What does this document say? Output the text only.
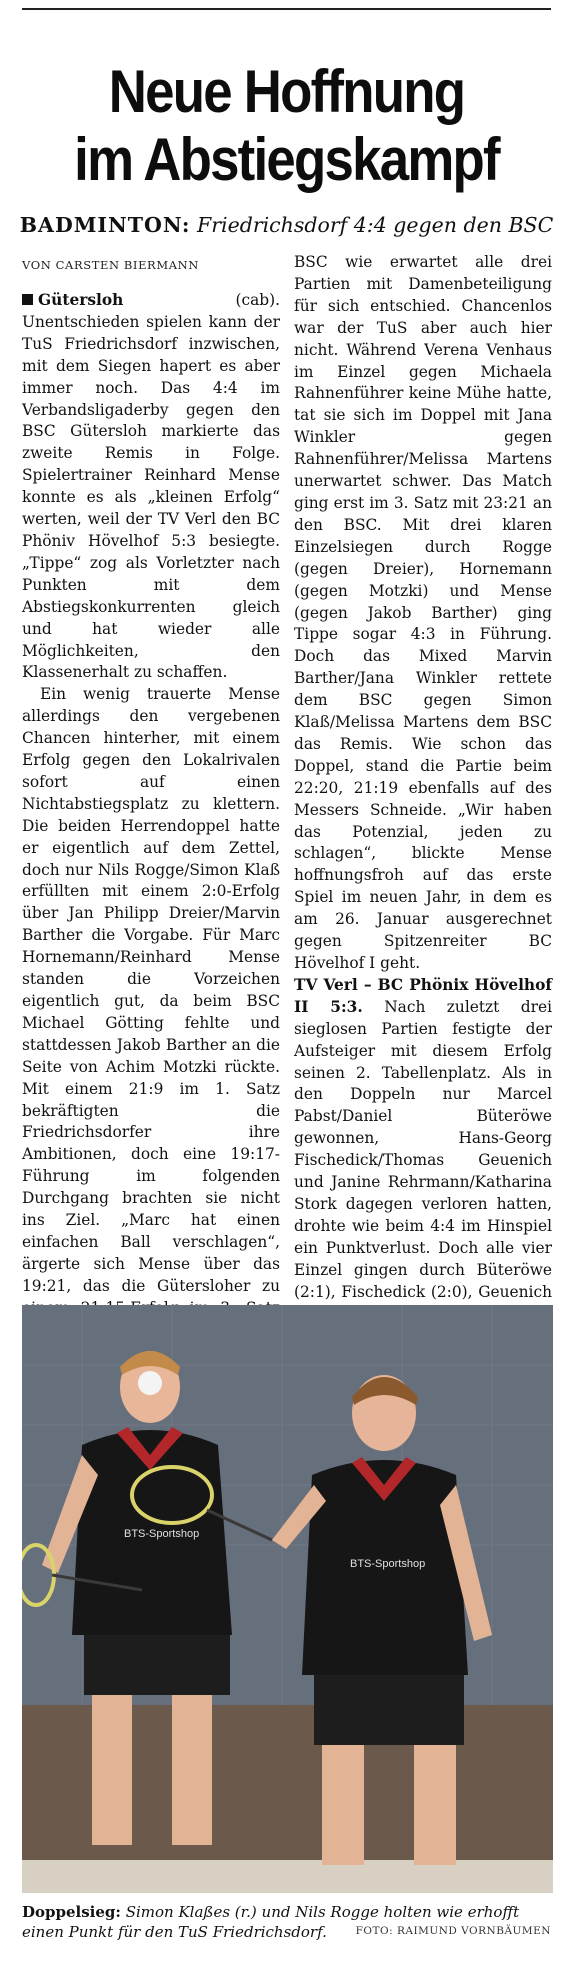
Neue Hoffnung
im Abstiegskampf
BADMINTON: Friedrichsdorf 4:4 gegen den BSC
VON CARSTEN BIERMANN

Gütersloh (cab). Unentschieden spielen kann der TuS Friedrichsdorf inzwischen, mit dem Siegen hapert es aber immer noch. Das 4:4 im Verbandsligaderby gegen den BSC Gütersloh markierte das zweite Remis in Folge. Spielertrainer Reinhard Mense konnte es als „kleinen Erfolg“ werten, weil der TV Verl den BC Phöniv Hövelhof 5:3 besiegte. „Tippe“ zog als Vorletzter nach Punkten mit dem Abstiegskonkurrenten gleich und hat wieder alle Möglichkeiten, den Klassenerhalt zu schaffen.

Ein wenig trauerte Mense allerdings den vergebenen Chancen hinterher, mit einem Erfolg gegen den Lokalrivalen sofort auf einen Nichtabstiegsplatz zu klettern. Die beiden Herrendoppel hatte er eigentlich auf dem Zettel, doch nur Nils Rogge/Simon Klaß erfüllten mit einem 2:0-Erfolg über Jan Philipp Dreier/Marvin Barther die Vorgabe. Für Marc Hornemann/Reinhard Mense standen die Vorzeichen eigentlich gut, da beim BSC Michael Götting fehlte und stattdessen Jakob Barther an die Seite von Achim Motzki rückte. Mit einem 21:9 im 1. Satz bekräftigten die Friedrichsdorfer ihre Ambitionen, doch eine 19:17-Führung im folgenden Durchgang brachten sie nicht ins Ziel. „Marc hat einen einfachen Ball verschlagen“, ärgerte sich Mense über das 19:21, das die Gütersloher zu

BSC wie erwartet alle drei Partien mit Damenbeteiligung für sich entschied. Chancenlos war der TuS aber auch hier nicht. Während Verena Venhaus im Einzel gegen Michaela Rahnenführer keine Mühe hatte, tat sie sich im Doppel mit Jana Winkler gegen Rahnenführer/Melissa Martens unerwartet schwer. Das Match ging erst im 3. Satz mit 23:21 an den BSC. Mit drei klaren Einzelsiegen durch Rogge (gegen Dreier), Hornemann (gegen Motzki) und Mense (gegen Jakob Barther) ging Tippe sogar 4:3 in Führung. Doch das Mixed Marvin Barther/Jana Winkler rettete dem BSC gegen Simon Klaß/Melissa Martens dem BSC das Remis. Wie schon das Doppel, stand die Partie beim 22:20, 21:19 ebenfalls auf des Messers Schneide. „Wir haben das Potenzial, jeden zu schlagen“, blickte Mense hoffnungsfroh auf das erste Spiel im neuen Jahr, in dem es am 26. Januar ausgerechnet gegen Spitzenreiter BC Hövelhof I geht.

TV Verl – BC Phönix Hövelhof II 5:3. Nach zuletzt drei sieglosen Partien festigte der Aufsteiger mit diesem Erfolg seinen 2. Tabellenplatz. Als in den Doppeln nur Marcel Pabst/Daniel Büteröwe gewonnen, Hans-Georg Fischedick/Thomas Geuenich und Janine Rehrmann/Katharina Stork dagegen verloren hatten, drohte wie beim 4:4 im Hinspiel ein Punktverlust. Doch alle vier Einzel gingen durch Büteröwe (2:1), Fischedick (2:0), Geuenich

BTS-Sportshop
BTS-Sportshop
Doppelsieg: Simon Klaßes (r.) und Nils Rogge holten wie erhofft einen Punkt für den TuS Friedrichsdorf.	FOTO: RAIMUND VORNBÄUMEN
